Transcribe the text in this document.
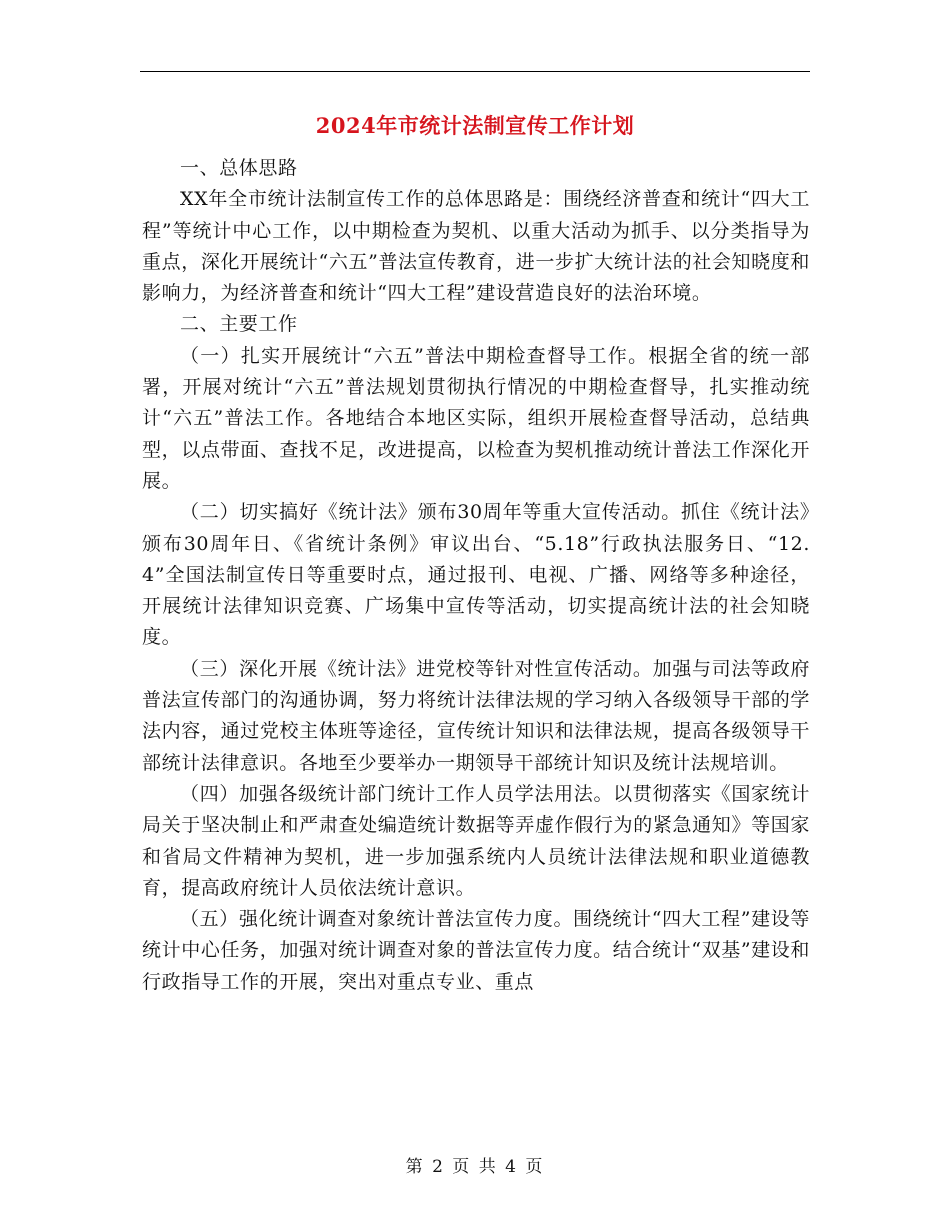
2024年市统计法制宣传工作计划

一、总体思路

XX年全市统计法制宣传工作的总体思路是：围绕经济普查和统计“四大工程”等统计中心工作，以中期检查为契机、以重大活动为抓手、以分类指导为重点，深化开展统计“六五”普法宣传教育，进一步扩大统计法的社会知晓度和影响力，为经济普查和统计“四大工程”建设营造良好的法治环境。

二、主要工作

（一）扎实开展统计“六五”普法中期检查督导工作。根据全省的统一部署，开展对统计“六五”普法规划贯彻执行情况的中期检查督导，扎实推动统计“六五”普法工作。各地结合本地区实际，组织开展检查督导活动，总结典型，以点带面、查找不足，改进提高，以检查为契机推动统计普法工作深化开展。

（二）切实搞好《统计法》颁布30周年等重大宣传活动。抓住《统计法》颁布30周年日、《省统计条例》审议出台、“5.18”行政执法服务日、“12.4”全国法制宣传日等重要时点，通过报刊、电视、广播、网络等多种途径，开展统计法律知识竞赛、广场集中宣传等活动，切实提高统计法的社会知晓度。

（三）深化开展《统计法》进党校等针对性宣传活动。加强与司法等政府普法宣传部门的沟通协调，努力将统计法律法规的学习纳入各级领导干部的学法内容，通过党校主体班等途径，宣传统计知识和法律法规，提高各级领导干部统计法律意识。各地至少要举办一期领导干部统计知识及统计法规培训。

（四）加强各级统计部门统计工作人员学法用法。以贯彻落实《国家统计局关于坚决制止和严肃查处编造统计数据等弄虚作假行为的紧急通知》等国家和省局文件精神为契机，进一步加强系统内人员统计法律法规和职业道德教育，提高政府统计人员依法统计意识。

（五）强化统计调查对象统计普法宣传力度。围绕统计“四大工程”建设等统计中心任务，加强对统计调查对象的普法宣传力度。结合统计“双基”建设和行政指导工作的开展，突出对重点专业、重点

第 2 页 共 4 页
